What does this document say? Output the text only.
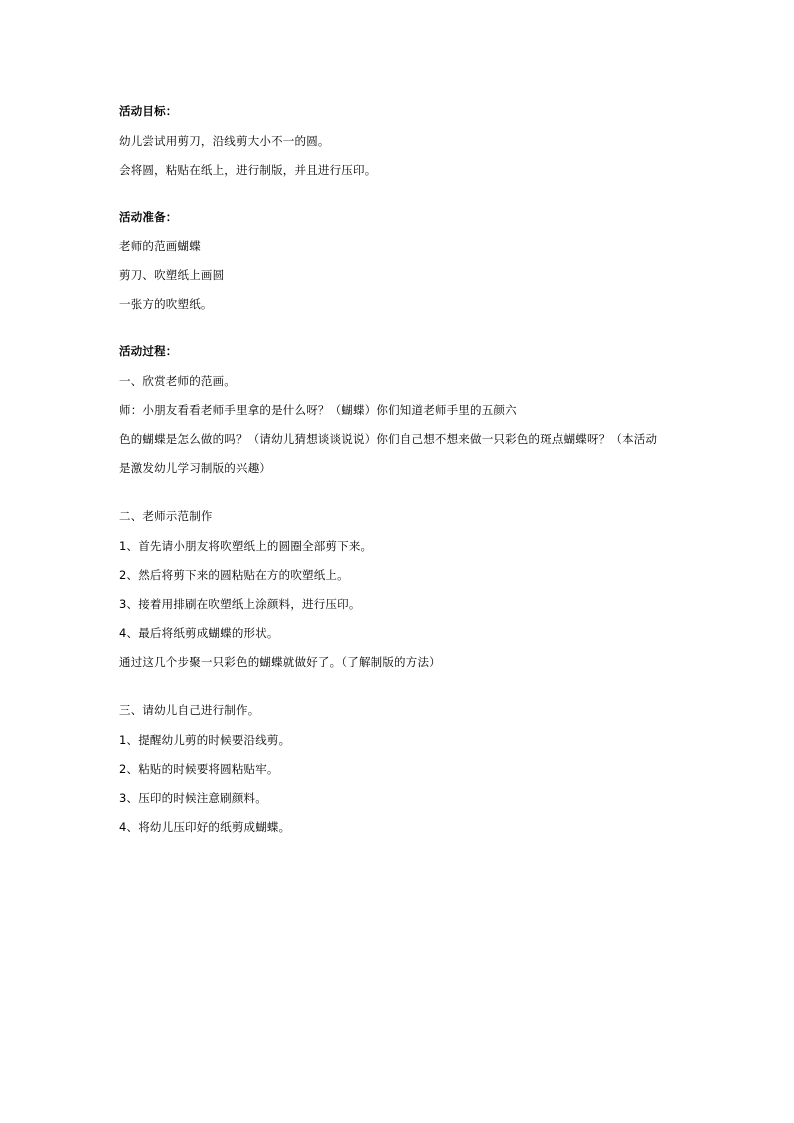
活动目标：
幼儿尝试用剪刀，沿线剪大小不一的圆。
会将圆，粘贴在纸上，进行制版，并且进行压印。
活动准备：
老师的范画蝴蝶
剪刀、吹塑纸上画圆
一张方的吹塑纸。
活动过程：
一、欣赏老师的范画。
师：小朋友看看老师手里拿的是什么呀？（蝴蝶）你们知道老师手里的五颜六
色的蝴蝶是怎么做的吗？（请幼儿猜想谈谈说说）你们自己想不想来做一只彩色的斑点蝴蝶呀？（本活动
是激发幼儿学习制版的兴趣）
二、老师示范制作
1、首先请小朋友将吹塑纸上的圆圈全部剪下来。
2、然后将剪下来的圆粘贴在方的吹塑纸上。
3、接着用排刷在吹塑纸上涂颜料，进行压印。
4、最后将纸剪成蝴蝶的形状。
通过这几个步聚一只彩色的蝴蝶就做好了。（了解制版的方法）
三、请幼儿自己进行制作。
1、提醒幼儿剪的时候要沿线剪。
2、粘贴的时候要将圆粘贴牢。
3、压印的时候注意刷颜料。
4、将幼儿压印好的纸剪成蝴蝶。
